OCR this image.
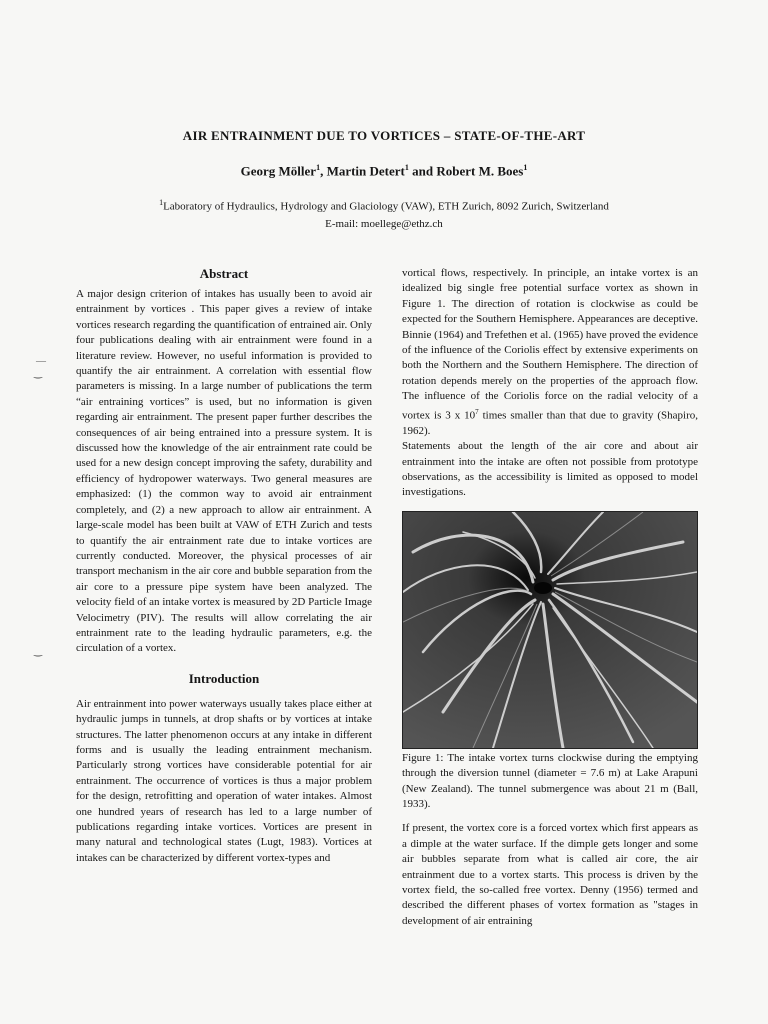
AIR ENTRAINMENT DUE TO VORTICES – STATE-OF-THE-ART
Georg Möller$^1$, Martin Detert$^1$ and Robert M. Boes$^1$
$^1$Laboratory of Hydraulics, Hydrology and Glaciology (VAW), ETH Zurich, 8092 Zurich, Switzerland
E-mail: moellege@ethz.ch
Abstract

A major design criterion of intakes has usually been to avoid air entrainment by vortices . This paper gives a review of intake vortices research regarding the quantification of entrained air. Only four publications dealing with air entrainment were found in a literature review. However, no useful information is provided to quantify the air entrainment. A correlation with essential flow parameters is missing. In a large number of publications the term “air entraining vortices” is used, but no information is given regarding air entrainment. The present paper further describes the consequences of air being entrained into a pressure system. It is discussed how the knowledge of the air entrainment rate could be used for a new design concept improving the safety, durability and efficiency of hydropower waterways. Two general measures are emphasized: (1) the common way to avoid air entrainment completely, and (2) a new approach to allow air entrainment. A large-scale model has been built at VAW of ETH Zurich and tests to quantify the air entrainment rate due to intake vortices are currently conducted. Moreover, the physical processes of air transport mechanism in the air core and bubble separation from the air core to a pressure pipe system have been analyzed. The velocity field of an intake vortex is measured by 2D Particle Image Velocimetry (PIV). The results will allow correlating the air entrainment rate to the leading hydraulic parameters, e.g. the circulation of a vortex.

Introduction

Air entrainment into power waterways usually takes place either at hydraulic jumps in tunnels, at drop shafts or by vortices at intake structures. The latter phenomenon occurs at any intake in different forms and is usually the leading entrainment mechanism. Particularly strong vortices have considerable potential for air entrainment. The occurrence of vortices is thus a major problem for the design, retrofitting and operation of water intakes. Almost one hundred years of research has led to a large number of publications regarding intake vortices. Vortices are present in many natural and technological states (Lugt, 1983). Vortices at intakes can be characterized by different vortex-types and

vortical flows, respectively. In principle, an intake vortex is an idealized big single free potential surface vortex as shown in Figure 1. The direction of rotation is clockwise as could be expected for the Southern Hemisphere. Appearances are deceptive. Binnie (1964) and Trefethen et al. (1965) have proved the evidence of the influence of the Coriolis effect by extensive experiments on both the Northern and the Southern Hemisphere. The direction of rotation depends merely on the properties of the approach flow. The influence of the Coriolis force on the radial velocity of a vortex is 3 x $10^7$ times smaller than that due to gravity (Shapiro, 1962).

Statements about the length of the air core and about air entrainment into the intake are often not possible from prototype observations, as the accessibility is limited as opposed to model investigations.

Figure 1: The intake vortex turns clockwise during the emptying through the diversion tunnel (diameter = 7.6 m) at Lake Arapuni (New Zealand). The tunnel submergence was about 21 m (Ball, 1933).

If present, the vortex core is a forced vortex which first appears as a dimple at the water surface. If the dimple gets longer and some air bubbles separate from what is called air core, the air entrainment due to a vortex starts. This process is driven by the vortex field, the so-called free vortex. Denny (1956) termed and described the different phases of vortex formation as "stages in development of air entraining

—
‿
‿
